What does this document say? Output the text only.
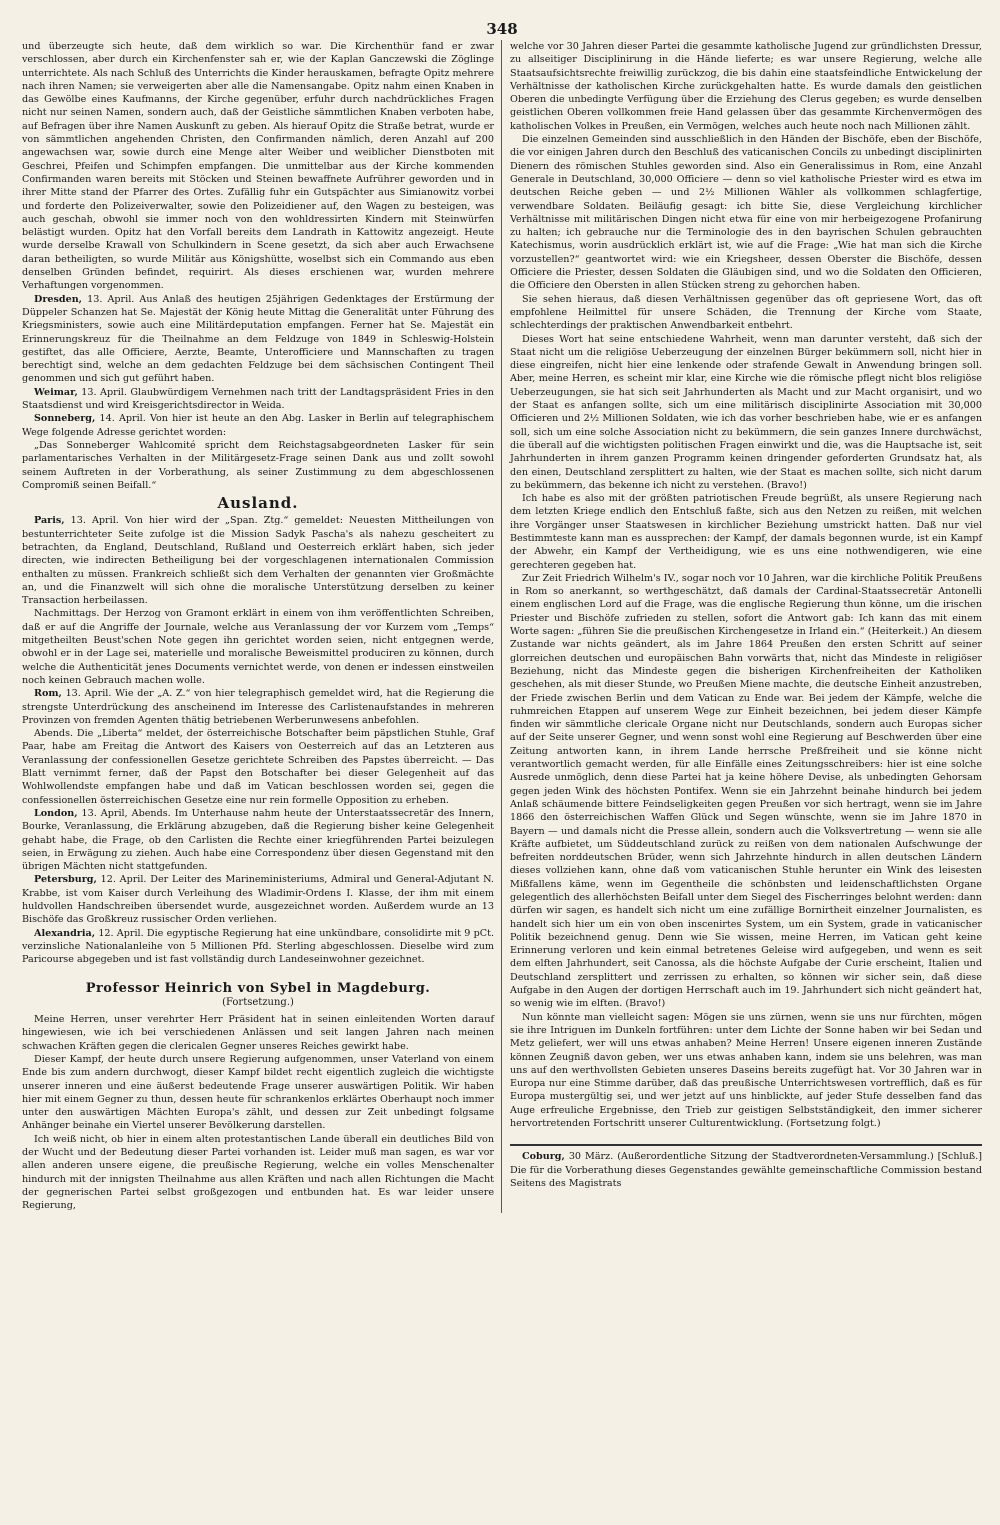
348

und überzeugte sich heute, daß dem wirklich so war. Die Kirchenthür fand er zwar verschlossen, aber durch ein Kirchenfenster sah er, wie der Kaplan Ganczewski die Zöglinge unterrichtete. Als nach Schluß des Unterrichts die Kinder herauskamen, befragte Opitz mehrere nach ihren Namen; sie verweigerten aber alle die Namensangabe. Opitz nahm einen Knaben in das Gewölbe eines Kaufmanns, der Kirche gegenüber, erfuhr durch nachdrückliches Fragen nicht nur seinen Namen, sondern auch, daß der Geistliche sämmtlichen Knaben verboten habe, auf Befragen über ihre Namen Auskunft zu geben. Als hierauf Opitz die Straße betrat, wurde er von sämmtlichen angehenden Christen, den Confirmanden nämlich, deren Anzahl auf 200 angewachsen war, sowie durch eine Menge alter Weiber und weiblicher Dienstboten mit Geschrei, Pfeifen und Schimpfen empfangen. Die unmittelbar aus der Kirche kommenden Confirmanden waren bereits mit Stöcken und Steinen bewaffnete Aufrührer geworden und in ihrer Mitte stand der Pfarrer des Ortes. Zufällig fuhr ein Gutspächter aus Simianowitz vorbei und forderte den Polizeiverwalter, sowie den Polizeidiener auf, den Wagen zu besteigen, was auch geschah, obwohl sie immer noch von den wohldressirten Kindern mit Steinwürfen belästigt wurden. Opitz hat den Vorfall bereits dem Landrath in Kattowitz angezeigt. Heute wurde derselbe Krawall von Schulkindern in Scene gesetzt, da sich aber auch Erwachsene daran betheiligten, so wurde Militär aus Königshütte, woselbst sich ein Commando aus eben denselben Gründen befindet, requirirt. Als dieses erschienen war, wurden mehrere Verhaftungen vorgenommen.

Dresden, 13. April. Aus Anlaß des heutigen 25jährigen Gedenktages der Erstürmung der Düppeler Schanzen hat Se. Majestät der König heute Mittag die Generalität unter Führung des Kriegsministers, sowie auch eine Militärdeputation empfangen. Ferner hat Se. Majestät ein Erinnerungskreuz für die Theilnahme an dem Feldzuge von 1849 in Schleswig-Holstein gestiftet, das alle Officiere, Aerzte, Beamte, Unterofficiere und Mannschaften zu tragen berechtigt sind, welche an dem gedachten Feldzuge bei dem sächsischen Contingent Theil genommen und sich gut geführt haben.

Weimar, 13. April. Glaubwürdigem Vernehmen nach tritt der Landtagspräsident Fries in den Staatsdienst und wird Kreisgerichtsdirector in Weida.

Sonneberg, 14. April. Von hier ist heute an den Abg. Lasker in Berlin auf telegraphischem Wege folgende Adresse gerichtet worden:

„Das Sonneberger Wahlcomité spricht dem Reichstagsabgeordneten Lasker für sein parlamentarisches Verhalten in der Militärgesetz-Frage seinen Dank aus und zollt sowohl seinem Auftreten in der Vorberathung, als seiner Zustimmung zu dem abgeschlossenen Compromiß seinen Beifall.“

Ausland.

Paris, 13. April. Von hier wird der „Span. Ztg.“ gemeldet: Neuesten Mittheilungen von bestunterrichteter Seite zufolge ist die Mission Sadyk Pascha's als nahezu gescheitert zu betrachten, da England, Deutschland, Rußland und Oesterreich erklärt haben, sich jeder directen, wie indirecten Betheiligung bei der vorgeschlagenen internationalen Commission enthalten zu müssen. Frankreich schließt sich dem Verhalten der genannten vier Großmächte an, und die Finanzwelt will sich ohne die moralische Unterstützung derselben zu keiner Transaction herbeilassen.

Nachmittags. Der Herzog von Gramont erklärt in einem von ihm veröffentlichten Schreiben, daß er auf die Angriffe der Journale, welche aus Veranlassung der vor Kurzem vom „Temps“ mitgetheilten Beust'schen Note gegen ihn gerichtet worden seien, nicht entgegnen werde, obwohl er in der Lage sei, materielle und moralische Beweismittel produciren zu können, durch welche die Authenticität jenes Documents vernichtet werde, von denen er indessen einstweilen noch keinen Gebrauch machen wolle.

Rom, 13. April. Wie der „A. Z.“ von hier telegraphisch gemeldet wird, hat die Regierung die strengste Unterdrückung des anscheinend im Interesse des Carlistenaufstandes in mehreren Provinzen von fremden Agenten thätig betriebenen Werberunwesens anbefohlen.

Abends. Die „Liberta“ meldet, der österreichische Botschafter beim päpstlichen Stuhle, Graf Paar, habe am Freitag die Antwort des Kaisers von Oesterreich auf das an Letzteren aus Veranlassung der confessionellen Gesetze gerichtete Schreiben des Papstes überreicht. — Das Blatt vernimmt ferner, daß der Papst den Botschafter bei dieser Gelegenheit auf das Wohlwollendste empfangen habe und daß im Vatican beschlossen worden sei, gegen die confessionellen österreichischen Gesetze eine nur rein formelle Opposition zu erheben.

London, 13. April, Abends. Im Unterhause nahm heute der Unterstaatssecretär des Innern, Bourke, Veranlassung, die Erklärung abzugeben, daß die Regierung bisher keine Gelegenheit gehabt habe, die Frage, ob den Carlisten die Rechte einer kriegführenden Partei beizulegen seien, in Erwägung zu ziehen. Auch habe eine Correspondenz über diesen Gegenstand mit den übrigen Mächten nicht stattgefunden.

Petersburg, 12. April. Der Leiter des Marineministeriums, Admiral und General-Adjutant N. Krabbe, ist vom Kaiser durch Verleihung des Wladimir-Ordens I. Klasse, der ihm mit einem huldvollen Handschreiben übersendet wurde, ausgezeichnet worden. Außerdem wurde an 13 Bischöfe das Großkreuz russischer Orden verliehen.

Alexandria, 12. April. Die egyptische Regierung hat eine unkündbare, consolidirte mit 9 pCt. verzinsliche Nationalanleihe von 5 Millionen Pfd. Sterling abgeschlossen. Dieselbe wird zum Paricourse abgegeben und ist fast vollständig durch Landeseinwohner gezeichnet.

Professor Heinrich von Sybel in Magdeburg.
(Fortsetzung.)

Meine Herren, unser verehrter Herr Präsident hat in seinen einleitenden Worten darauf hingewiesen, wie ich bei verschiedenen Anlässen und seit langen Jahren nach meinen schwachen Kräften gegen die clericalen Gegner unseres Reiches gewirkt habe.

Dieser Kampf, der heute durch unsere Regierung aufgenommen, unser Vaterland von einem Ende bis zum andern durchwogt, dieser Kampf bildet recht eigentlich zugleich die wichtigste unserer inneren und eine äußerst bedeutende Frage unserer auswärtigen Politik. Wir haben hier mit einem Gegner zu thun, dessen heute für schrankenlos erklärtes Oberhaupt noch immer unter den auswärtigen Mächten Europa's zählt, und dessen zur Zeit unbedingt folgsame Anhänger beinahe ein Viertel unserer Bevölkerung darstellen.

Ich weiß nicht, ob hier in einem alten protestantischen Lande überall ein deutliches Bild von der Wucht und der Bedeutung dieser Partei vorhanden ist. Leider muß man sagen, es war vor allen anderen unsere eigene, die preußische Regierung, welche ein volles Menschenalter hindurch mit der innigsten Theilnahme aus allen Kräften und nach allen Richtungen die Macht der gegnerischen Partei selbst großgezogen und entbunden hat. Es war leider unsere Regierung,

welche vor 30 Jahren dieser Partei die gesammte katholische Jugend zur gründlichsten Dressur, zu allseitiger Disciplinirung in die Hände lieferte; es war unsere Regierung, welche alle Staatsaufsichtsrechte freiwillig zurückzog, die bis dahin eine staatsfeindliche Entwickelung der Verhältnisse der katholischen Kirche zurückgehalten hatte. Es wurde damals den geistlichen Oberen die unbedingte Verfügung über die Erziehung des Clerus gegeben; es wurde denselben geistlichen Oberen vollkommen freie Hand gelassen über das gesammte Kirchenvermögen des katholischen Volkes in Preußen, ein Vermögen, welches auch heute noch nach Millionen zählt.

Die einzelnen Gemeinden sind ausschließlich in den Händen der Bischöfe, eben der Bischöfe, die vor einigen Jahren durch den Beschluß des vaticanischen Concils zu unbedingt disciplinirten Dienern des römischen Stuhles geworden sind. Also ein Generalissimus in Rom, eine Anzahl Generale in Deutschland, 30,000 Officiere — denn so viel katholische Priester wird es etwa im deutschen Reiche geben — und 2½ Millionen Wähler als vollkommen schlagfertige, verwendbare Soldaten. Beiläufig gesagt: ich bitte Sie, diese Vergleichung kirchlicher Verhältnisse mit militärischen Dingen nicht etwa für eine von mir herbeigezogene Profanirung zu halten; ich gebrauche nur die Terminologie des in den bayrischen Schulen gebrauchten Katechismus, worin ausdrücklich erklärt ist, wie auf die Frage: „Wie hat man sich die Kirche vorzustellen?“ geantwortet wird: wie ein Kriegsheer, dessen Oberster die Bischöfe, dessen Officiere die Priester, dessen Soldaten die Gläubigen sind, und wo die Soldaten den Officieren, die Officiere den Obersten in allen Stücken streng zu gehorchen haben.

Sie sehen hieraus, daß diesen Verhältnissen gegenüber das oft gepriesene Wort, das oft empfohlene Heilmittel für unsere Schäden, die Trennung der Kirche vom Staate, schlechterdings der praktischen Anwendbarkeit entbehrt.

Dieses Wort hat seine entschiedene Wahrheit, wenn man darunter versteht, daß sich der Staat nicht um die religiöse Ueberzeugung der einzelnen Bürger bekümmern soll, nicht hier in diese eingreifen, nicht hier eine lenkende oder strafende Gewalt in Anwendung bringen soll. Aber, meine Herren, es scheint mir klar, eine Kirche wie die römische pflegt nicht blos religiöse Ueberzeugungen, sie hat sich seit Jahrhunderten als Macht und zur Macht organisirt, und wo der Staat es anfangen sollte, sich um eine militärisch disciplinirte Association mit 30,000 Officieren und 2½ Millionen Soldaten, wie ich das vorher beschrieben habe, wie er es anfangen soll, sich um eine solche Association nicht zu bekümmern, die sein ganzes Innere durchwächst, die überall auf die wichtigsten politischen Fragen einwirkt und die, was die Hauptsache ist, seit Jahrhunderten in ihrem ganzen Programm keinen dringender geforderten Grundsatz hat, als den einen, Deutschland zersplittert zu halten, wie der Staat es machen sollte, sich nicht darum zu bekümmern, das bekenne ich nicht zu verstehen. (Bravo!)

Ich habe es also mit der größten patriotischen Freude begrüßt, als unsere Regierung nach dem letzten Kriege endlich den Entschluß faßte, sich aus den Netzen zu reißen, mit welchen ihre Vorgänger unser Staatswesen in kirchlicher Beziehung umstrickt hatten. Daß nur viel Bestimmteste kann man es aussprechen: der Kampf, der damals begonnen wurde, ist ein Kampf der Abwehr, ein Kampf der Vertheidigung, wie es uns eine nothwendigeren, wie eine gerechteren gegeben hat.

Zur Zeit Friedrich Wilhelm's IV., sogar noch vor 10 Jahren, war die kirchliche Politik Preußens in Rom so anerkannt, so werthgeschätzt, daß damals der Cardinal-Staatssecretär Antonelli einem englischen Lord auf die Frage, was die englische Regierung thun könne, um die irischen Priester und Bischöfe zufrieden zu stellen, sofort die Antwort gab: Ich kann das mit einem Worte sagen: „führen Sie die preußischen Kirchengesetze in Irland ein.“ (Heiterkeit.) An diesem Zustande war nichts geändert, als im Jahre 1864 Preußen den ersten Schritt auf seiner glorreichen deutschen und europäischen Bahn vorwärts that, nicht das Mindeste in religiöser Beziehung, nicht das Mindeste gegen die bisherigen Kirchenfreiheiten der Katholiken geschehen, als mit dieser Stunde, wo Preußen Miene machte, die deutsche Einheit anzustreben, der Friede zwischen Berlin und dem Vatican zu Ende war. Bei jedem der Kämpfe, welche die ruhmreichen Etappen auf unserem Wege zur Einheit bezeichnen, bei jedem dieser Kämpfe finden wir sämmtliche clericale Organe nicht nur Deutschlands, sondern auch Europas sicher auf der Seite unserer Gegner, und wenn sonst wohl eine Regierung auf Beschwerden über eine Zeitung antworten kann, in ihrem Lande herrsche Preßfreiheit und sie könne nicht verantwortlich gemacht werden, für alle Einfälle eines Zeitungsschreibers: hier ist eine solche Ausrede unmöglich, denn diese Partei hat ja keine höhere Devise, als unbedingten Gehorsam gegen jeden Wink des höchsten Pontifex. Wenn sie ein Jahrzehnt beinahe hindurch bei jedem Anlaß schäumende bittere Feindseligkeiten gegen Preußen vor sich hertragt, wenn sie im Jahre 1866 den österreichischen Waffen Glück und Segen wünschte, wenn sie im Jahre 1870 in Bayern — und damals nicht die Presse allein, sondern auch die Volksvertretung — wenn sie alle Kräfte aufbietet, um Süddeutschland zurück zu reißen von dem nationalen Aufschwunge der befreiten norddeutschen Brüder, wenn sich Jahrzehnte hindurch in allen deutschen Ländern dieses vollziehen kann, ohne daß vom vaticanischen Stuhle herunter ein Wink des leisesten Mißfallens käme, wenn im Gegentheile die schönbsten und leidenschaftlichsten Organe gelegentlich des allerhöchsten Beifall unter dem Siegel des Fischerringes belohnt werden: dann dürfen wir sagen, es handelt sich nicht um eine zufällige Bornirtheit einzelner Journalisten, es handelt sich hier um ein von oben inscenirtes System, um ein System, grade in vaticanischer Politik bezeichnend genug. Denn wie Sie wissen, meine Herren, im Vatican geht keine Erinnerung verloren und kein einmal betretenes Geleise wird aufgegeben, und wenn es seit dem elften Jahrhundert, seit Canossa, als die höchste Aufgabe der Curie erscheint, Italien und Deutschland zersplittert und zerrissen zu erhalten, so können wir sicher sein, daß diese Aufgabe in den Augen der dortigen Herrschaft auch im 19. Jahrhundert sich nicht geändert hat, so wenig wie im elften. (Bravo!)

Nun könnte man vielleicht sagen: Mögen sie uns zürnen, wenn sie uns nur fürchten, mögen sie ihre Intriguen im Dunkeln fortführen: unter dem Lichte der Sonne haben wir bei Sedan und Metz geliefert, wer will uns etwas anhaben? Meine Herren! Unsere eigenen inneren Zustände können Zeugniß davon geben, wer uns etwas anhaben kann, indem sie uns belehren, was man uns auf den werthvollsten Gebieten unseres Daseins bereits zugefügt hat. Vor 30 Jahren war in Europa nur eine Stimme darüber, daß das preußische Unterrichtswesen vortrefflich, daß es für Europa mustergültig sei, und wer jetzt auf uns hinblickte, auf jeder Stufe desselben fand das Auge erfreuliche Ergebnisse, den Trieb zur geistigen Selbstständigkeit, den immer sicherer hervortretenden Fortschritt unserer Culturentwicklung. (Fortsetzung folgt.)

Coburg, 30 März. (Außerordentliche Sitzung der Stadtverordneten-Versammlung.) [Schluß.] Die für die Vorberathung dieses Gegenstandes gewählte gemeinschaftliche Commission bestand Seitens des Magistrats
